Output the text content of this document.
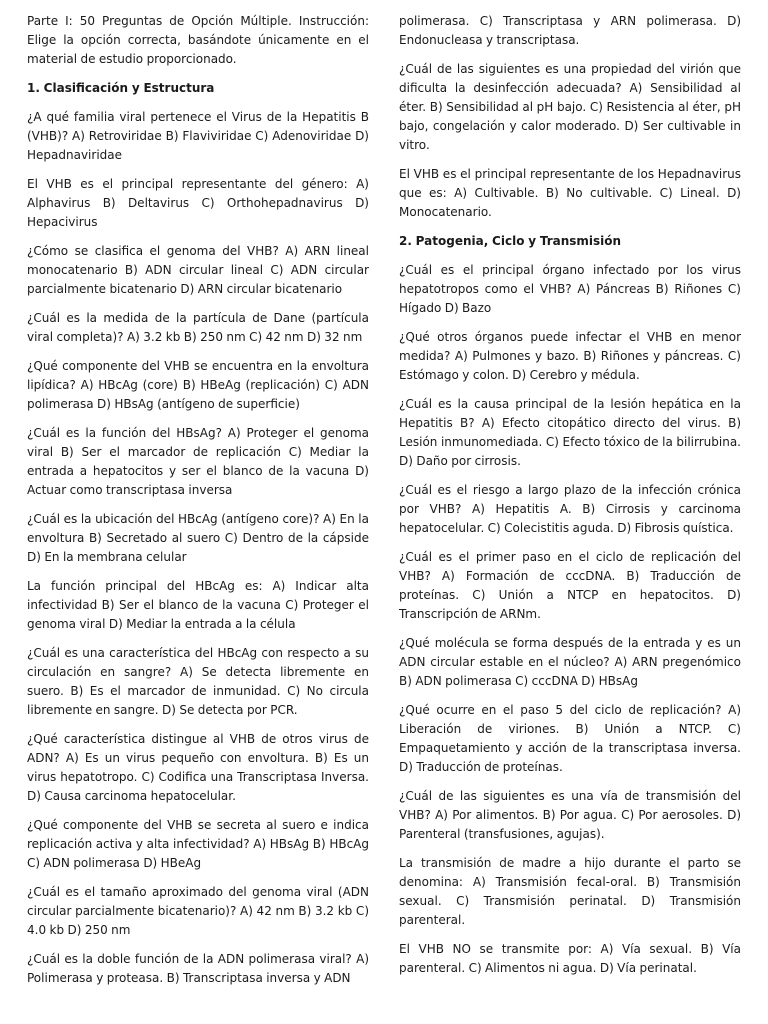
Parte I: 50 Preguntas de Opción Múltiple. Instrucción: Elige la opción correcta, basándote únicamente en el material de estudio proporcionado.

1. Clasificación y Estructura

¿A qué familia viral pertenece el Virus de la Hepatitis B (VHB)? A) Retroviridae B) Flaviviridae C) Adenoviridae D) Hepadnaviridae

El VHB es el principal representante del género: A) Alphavirus B) Deltavirus C) Orthohepadnavirus D) Hepacivirus

¿Cómo se clasifica el genoma del VHB? A) ARN lineal monocatenario B) ADN circular lineal C) ADN circular parcialmente bicatenario D) ARN circular bicatenario

¿Cuál es la medida de la partícula de Dane (partícula viral completa)? A) 3.2 kb B) 250 nm C) 42 nm D) 32 nm

¿Qué componente del VHB se encuentra en la envoltura lipídica? A) HBcAg (core) B) HBeAg (replicación) C) ADN polimerasa D) HBsAg (antígeno de superficie)

¿Cuál es la función del HBsAg? A) Proteger el genoma viral B) Ser el marcador de replicación C) Mediar la entrada a hepatocitos y ser el blanco de la vacuna D) Actuar como transcriptasa inversa

¿Cuál es la ubicación del HBcAg (antígeno core)? A) En la envoltura B) Secretado al suero C) Dentro de la cápside D) En la membrana celular

La función principal del HBcAg es: A) Indicar alta infectividad B) Ser el blanco de la vacuna C) Proteger el genoma viral D) Mediar la entrada a la célula

¿Cuál es una característica del HBcAg con respecto a su circulación en sangre? A) Se detecta libremente en suero. B) Es el marcador de inmunidad. C) No circula libremente en sangre. D) Se detecta por PCR.

¿Qué característica distingue al VHB de otros virus de ADN? A) Es un virus pequeño con envoltura. B) Es un virus hepatotropo. C) Codifica una Transcriptasa Inversa. D) Causa carcinoma hepatocelular.

¿Qué componente del VHB se secreta al suero e indica replicación activa y alta infectividad? A) HBsAg B) HBcAg C) ADN polimerasa D) HBeAg

¿Cuál es el tamaño aproximado del genoma viral (ADN circular parcialmente bicatenario)? A) 42 nm B) 3.2 kb C) 4.0 kb D) 250 nm

¿Cuál es la doble función de la ADN polimerasa viral? A) Polimerasa y proteasa. B) Transcriptasa inversa y ADN

polimerasa. C) Transcriptasa y ARN polimerasa. D) Endonucleasa y transcriptasa.

¿Cuál de las siguientes es una propiedad del virión que dificulta la desinfección adecuada? A) Sensibilidad al éter. B) Sensibilidad al pH bajo. C) Resistencia al éter, pH bajo, congelación y calor moderado. D) Ser cultivable in vitro.

El VHB es el principal representante de los Hepadnavirus que es: A) Cultivable. B) No cultivable. C) Lineal. D) Monocatenario.

2. Patogenia, Ciclo y Transmisión

¿Cuál es el principal órgano infectado por los virus hepatotropos como el VHB? A) Páncreas B) Riñones C) Hígado D) Bazo

¿Qué otros órganos puede infectar el VHB en menor medida? A) Pulmones y bazo. B) Riñones y páncreas. C) Estómago y colon. D) Cerebro y médula.

¿Cuál es la causa principal de la lesión hepática en la Hepatitis B? A) Efecto citopático directo del virus. B) Lesión inmunomediada. C) Efecto tóxico de la bilirrubina. D) Daño por cirrosis.

¿Cuál es el riesgo a largo plazo de la infección crónica por VHB? A) Hepatitis A. B) Cirrosis y carcinoma hepatocelular. C) Colecistitis aguda. D) Fibrosis quística.

¿Cuál es el primer paso en el ciclo de replicación del VHB? A) Formación de cccDNA. B) Traducción de proteínas. C) Unión a NTCP en hepatocitos. D) Transcripción de ARNm.

¿Qué molécula se forma después de la entrada y es un ADN circular estable en el núcleo? A) ARN pregenómico B) ADN polimerasa C) cccDNA D) HBsAg

¿Qué ocurre en el paso 5 del ciclo de replicación? A) Liberación de viriones. B) Unión a NTCP. C) Empaquetamiento y acción de la transcriptasa inversa. D) Traducción de proteínas.

¿Cuál de las siguientes es una vía de transmisión del VHB? A) Por alimentos. B) Por agua. C) Por aerosoles. D) Parenteral (transfusiones, agujas).

La transmisión de madre a hijo durante el parto se denomina: A) Transmisión fecal-oral. B) Transmisión sexual. C) Transmisión perinatal. D) Transmisión parenteral.

El VHB NO se transmite por: A) Vía sexual. B) Vía parenteral. C) Alimentos ni agua. D) Vía perinatal.
